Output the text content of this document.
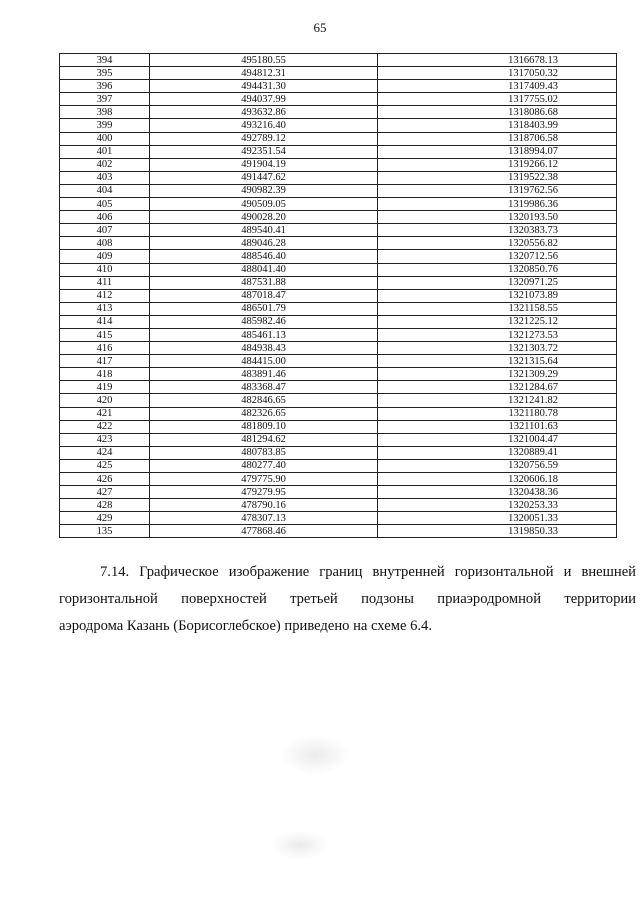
65
394	495180.55	1316678.13
395	494812.31	1317050.32
396	494431.30	1317409.43
397	494037.99	1317755.02
398	493632.86	1318086.68
399	493216.40	1318403.99
400	492789.12	1318706.58
401	492351.54	1318994.07
402	491904.19	1319266.12
403	491447.62	1319522.38
404	490982.39	1319762.56
405	490509.05	1319986.36
406	490028.20	1320193.50
407	489540.41	1320383.73
408	489046.28	1320556.82
409	488546.40	1320712.56
410	488041.40	1320850.76
411	487531.88	1320971.25
412	487018.47	1321073.89
413	486501.79	1321158.55
414	485982.46	1321225.12
415	485461.13	1321273.53
416	484938.43	1321303.72
417	484415.00	1321315.64
418	483891.46	1321309.29
419	483368.47	1321284.67
420	482846.65	1321241.82
421	482326.65	1321180.78
422	481809.10	1321101.63
423	481294.62	1321004.47
424	480783.85	1320889.41
425	480277.40	1320756.59
426	479775.90	1320606.18
427	479279.95	1320438.36
428	478790.16	1320253.33
429	478307.13	1320051.33
135	477868.46	1319850.33
7.14. Графическое изображение границ внутренней горизонтальной и внешней
горизонтальной поверхностей третьей подзоны приаэродромной территории
аэродрома Казань (Борисоглебское) приведено на схеме 6.4.
